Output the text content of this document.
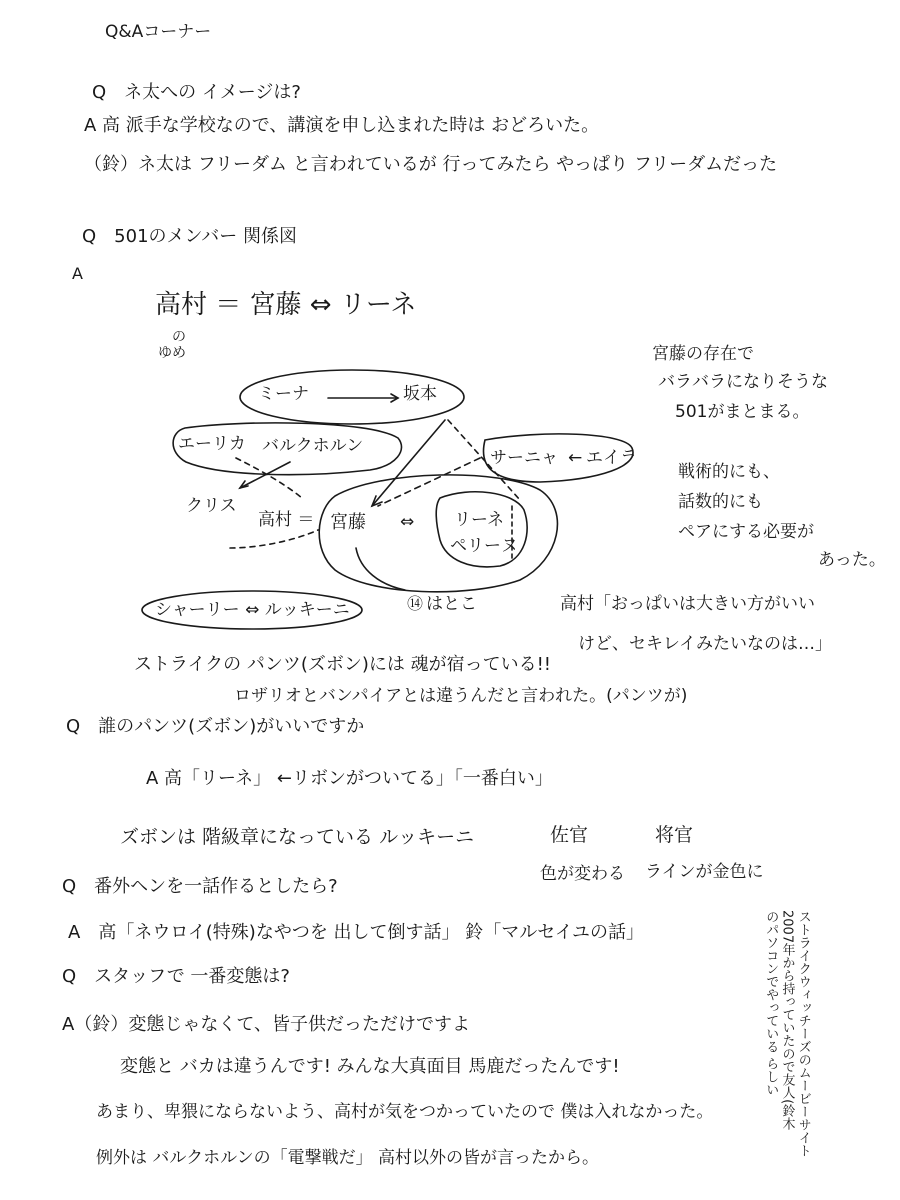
Q&Aコーナー
Q　ネ太への イメージは?
A 高 派手な学校なので、講演を申し込まれた時は おどろいた。
（鈴）ネ太は フリーダム と言われているが 行ってみたら やっぱり フリーダムだった
Q　501のメンバー 関係図
A
高村 ＝ 宮藤 ⇔ リーネ
の
ゆめ
ミーナ	坂本
エーリカ バルクホルン
サーニャ ← エイラ
クリス
高村 ＝ 宮藤 ⇔ リーネ
ペリーヌ
シャーリー ⇔ ルッキーニ	⑭ はとこ
宮藤の存在で
バラバラになりそうな
501がまとまる。
戦術的にも、
話数的にも
ペアにする必要が
あった。
高村「おっぱいは大きい方がいい
けど、セキレイみたいなのは…」
ストライクの パンツ(ズボン)には 魂が宿っている!!
ロザリオとバンパイアとは違うんだと言われた。(パンツが)
Q　誰のパンツ(ズボン)がいいですか
A 高「リーネ」 ←リボンがついてる」「一番白い」
ズボンは 階級章になっている ルッキーニ	佐官	将官
色が変わる ラインが金色に
Q　番外ヘンを一話作るとしたら?
A　高「ネウロイ(特殊)なやつを 出して倒す話」 鈴「マルセイユの話」
Q　スタッフで 一番変態は?
A（鈴）変態じゃなくて、皆子供だっただけですよ
変態と バカは違うんです! みんな大真面目 馬鹿だったんです!
あまり、卑猥にならないよう、高村が気をつかっていたので 僕は入れなかった。
例外は バルクホルンの「電撃戦だ」 高村以外の皆が言ったから。
ストライクウィッチーズのムービーサイト
2007年から持っていたので友人(鈴木
のパソコンでやっている らしい
